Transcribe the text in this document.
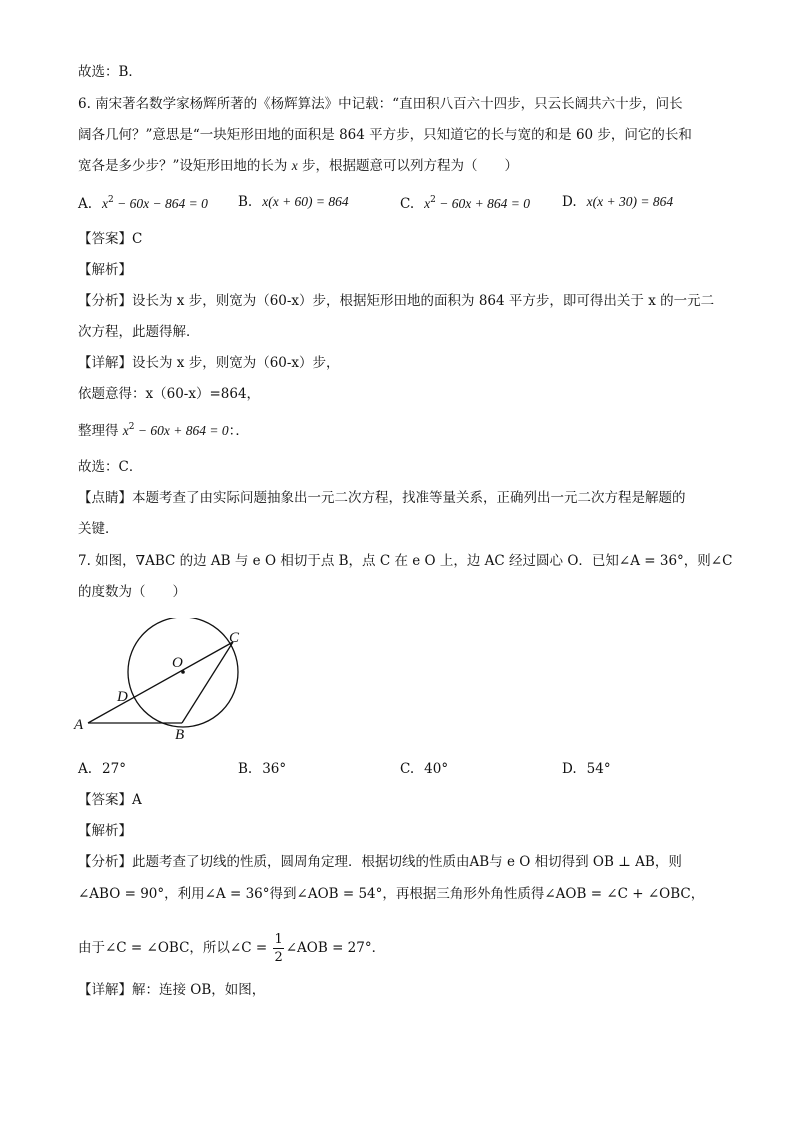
故选：B．
6. 南宋著名数学家杨辉所著的《杨辉算法》中记载：“直田积八百六十四步，只云长阔共六十步，问长
阔各几何？”意思是“一块矩形田地的面积是 864 平方步，只知道它的长与宽的和是 60 步，问它的长和
宽各是多少步？”设矩形田地的长为 x 步，根据题意可以列方程为（　　）
A. $x^2 - 60x - 864 = 0$ B. x(x + 60) = 864	C. $x^2 - 60x + 864 = 0$ D. x(x + 30) = 864
【答案】C
【解析】
【分析】设长为 x 步，则宽为（60-x）步，根据矩形田地的面积为 864 平方步，即可得出关于 x 的一元二
次方程，此题得解．
【详解】设长为 x 步，则宽为（60-x）步，
依题意得：x（60-x）=864，
整理得 $x^2 - 60x + 864 = 0$：．
故选：C．
【点睛】本题考查了由实际问题抽象出一元二次方程，找准等量关系，正确列出一元二次方程是解题的
关键．
7. 如图，∇ABC 的边 AB 与 e O 相切于点 B，点 C 在 e O 上，边 AC 经过圆心 O．已知∠A = 36°，则∠C
的度数为（　　）
C
O
D
A
B
A. 27°	B. 36°	C. 40°	D. 54°
【答案】A
【解析】
【分析】此题考查了切线的性质，圆周角定理．根据切线的性质由AB与 e O 相切得到 OB ⊥ AB，则
∠ABO = 90°，利用∠A = 36°得到∠AOB = 54°，再根据三角形外角性质得∠AOB = ∠C + ∠OBC，
由于∠C = ∠OBC，所以∠C = $\frac{1}{2}$ ∠AOB = 27°．
【详解】解：连接 OB，如图，
